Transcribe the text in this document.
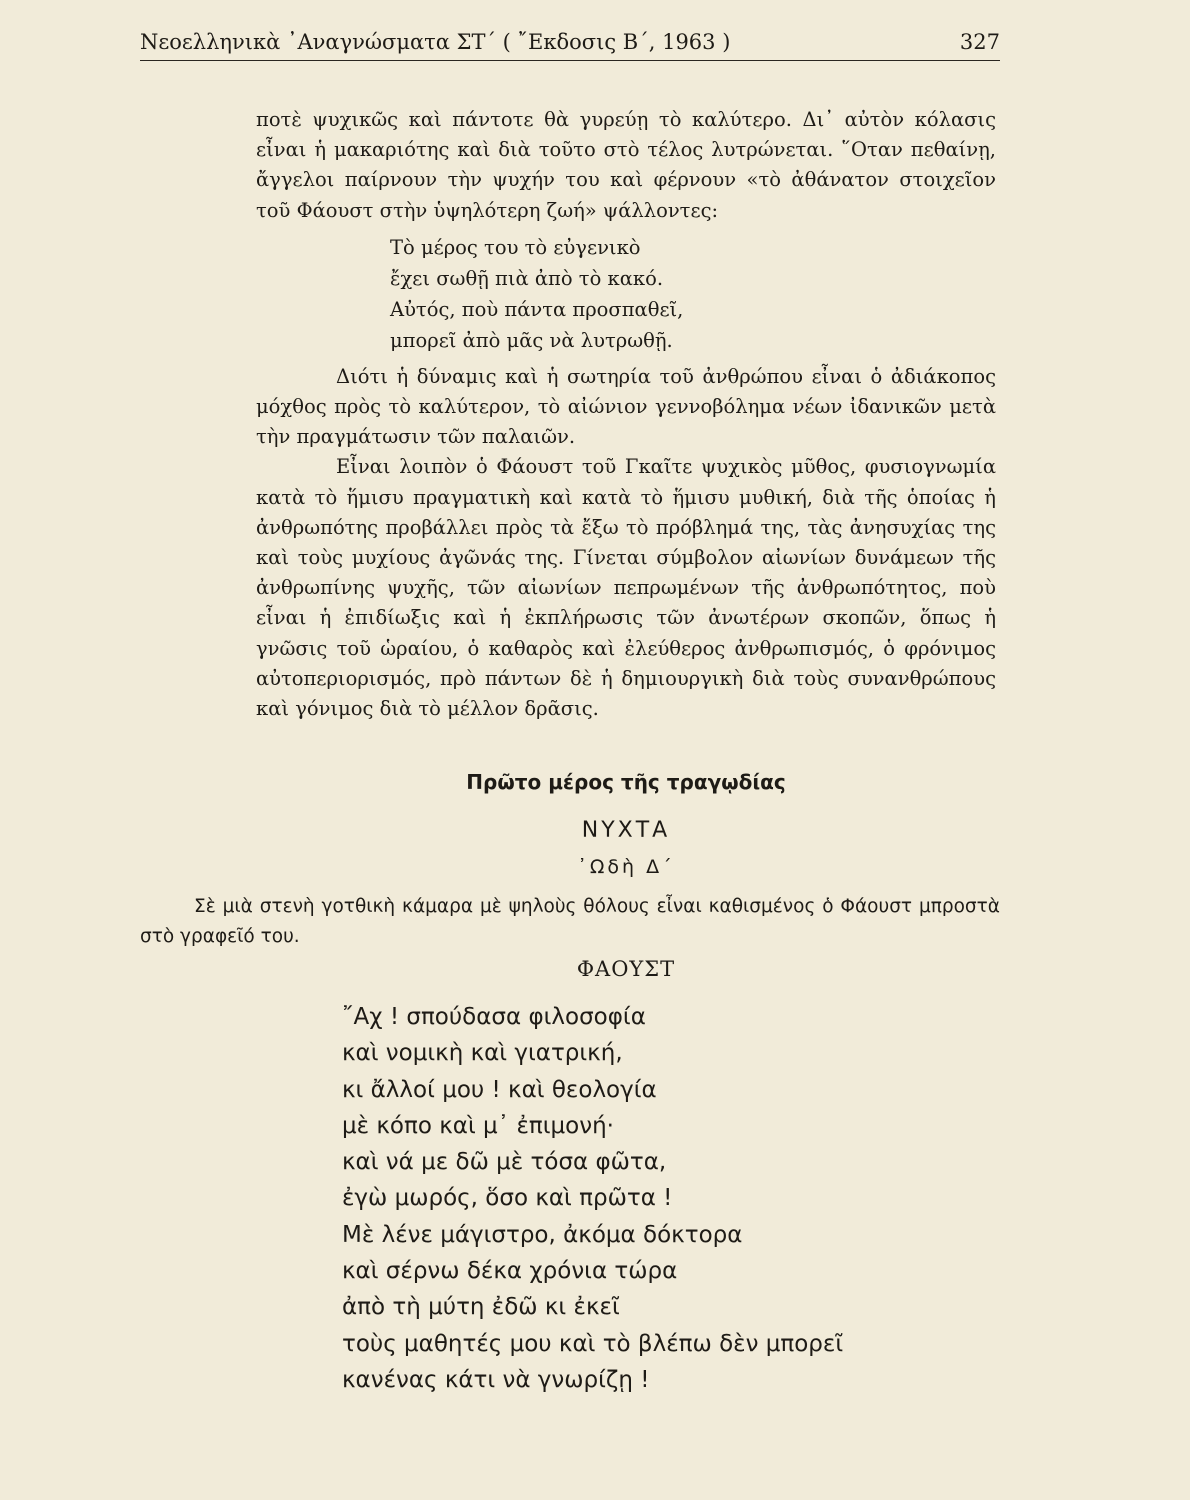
Νεοελληνικὰ ᾿Αναγνώσματα ΣΤ΄ ( ῎Εκδοσις Β΄, 1963 )	327

ποτὲ ψυχικῶς καὶ πάντοτε θὰ γυρεύῃ τὸ καλύτερο. Δι᾿ αὐτὸν κόλασις εἶναι ἡ μακαριότης καὶ διὰ τοῦτο στὸ τέλος λυτρώνεται. ῞Οταν πεθαίνῃ, ἄγγελοι παίρνουν τὴν ψυχήν του καὶ φέρνουν «τὸ ἀθάνατον στοιχεῖον τοῦ Φάουστ στὴν ὑψηλότερη ζωή» ψάλλοντες:

Τὸ μέρος του τὸ εὐγενικὸ
ἔχει σωθῇ πιὰ ἀπὸ τὸ κακό.
Αὐτός, ποὺ πάντα προσπαθεῖ,
μπορεῖ ἀπὸ μᾶς νὰ λυτρωθῇ.

Διότι ἡ δύναμις καὶ ἡ σωτηρία τοῦ ἀνθρώπου εἶναι ὁ ἀδιάκοπος μόχθος πρὸς τὸ καλύτερον, τὸ αἰώνιον γεννοβόλημα νέων ἰδανικῶν μετὰ τὴν πραγμάτωσιν τῶν παλαιῶν.

Εἶναι λοιπὸν ὁ Φάουστ τοῦ Γκαῖτε ψυχικὸς μῦθος, φυσιογνωμία κατὰ τὸ ἥμισυ πραγματικὴ καὶ κατὰ τὸ ἥμισυ μυθική, διὰ τῆς ὁποίας ἡ ἀνθρωπότης προβάλλει πρὸς τὰ ἔξω τὸ πρόβλημά της, τὰς ἀνησυχίας της καὶ τοὺς μυχίους ἀγῶνάς της. Γίνεται σύμβολον αἰωνίων δυνάμεων τῆς ἀνθρωπίνης ψυχῆς, τῶν αἰωνίων πεπρωμένων τῆς ἀνθρωπότητος, ποὺ εἶναι ἡ ἐπιδίωξις καὶ ἡ ἐκπλήρωσις τῶν ἀνωτέρων σκοπῶν, ὅπως ἡ γνῶσις τοῦ ὡραίου, ὁ καθαρὸς καὶ ἐλεύθερος ἀνθρωπισμός, ὁ φρόνιμος αὐτοπεριορισμός, πρὸ πάντων δὲ ἡ δημιουργικὴ διὰ τοὺς συνανθρώπους καὶ γόνιμος διὰ τὸ μέλλον δρᾶσις.

Πρῶτο μέρος τῆς τραγῳδίας
ΝΥΧΤΑ
᾿Ωδὴ Δ΄
Σὲ μιὰ στενὴ γοτθικὴ κάμαρα μὲ ψηλοὺς θόλους εἶναι καθισμένος ὁ Φάουστ μπροστὰ στὸ γραφεῖό του.
ΦΑΟΥΣΤ
῎Αχ ! σπούδασα φιλοσοφία
καὶ νομικὴ καὶ γιατρική,
κι ἄλλοί μου ! καὶ θεολογία
μὲ κόπο καὶ μ᾿ ἐπιμονή·
καὶ νά με δῶ μὲ τόσα φῶτα,
ἐγὼ μωρός, ὅσο καὶ πρῶτα !
Μὲ λένε μάγιστρο, ἀκόμα δόκτορα
καὶ σέρνω δέκα χρόνια τώρα
ἀπὸ τὴ μύτη ἐδῶ κι ἐκεῖ
τοὺς μαθητές μου καὶ τὸ βλέπω δὲν μπορεῖ
κανένας κάτι νὰ γνωρίζῃ !
